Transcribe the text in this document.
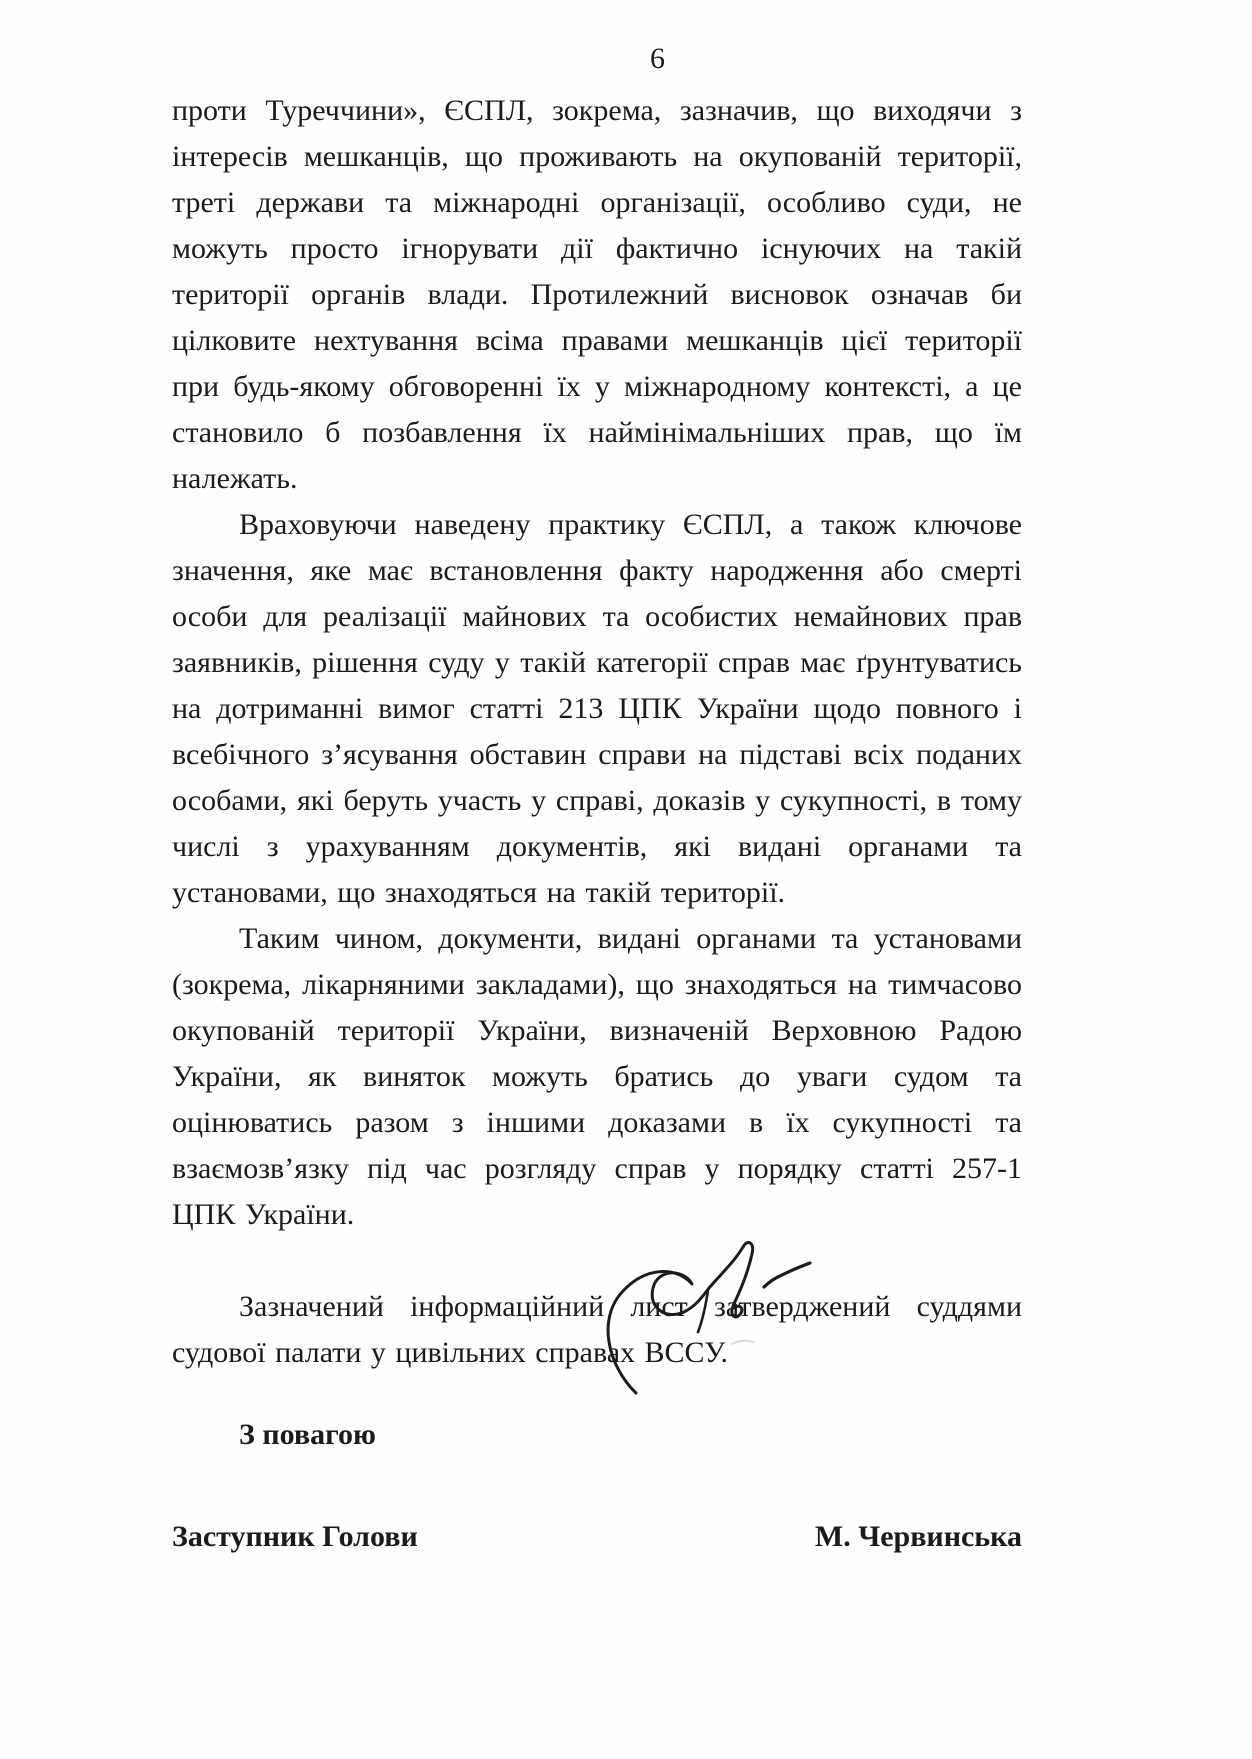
6

проти Туреччини», ЄСПЛ, зокрема, зазначив, що виходячи з інтересів мешканців, що проживають на окупованій території, треті держави та міжнародні організації, особливо суди, не можуть просто ігнорувати дії фактично існуючих на такій території органів влади. Протилежний висновок означав би цілковите нехтування всіма правами мешканців цієї території при будь-якому обговоренні їх у міжнародному контексті, а це становило б позбавлення їх наймінімальніших прав, що їм належать.

Враховуючи наведену практику ЄСПЛ, а також ключове значення, яке має встановлення факту народження або смерті особи для реалізації майнових та особистих немайнових прав заявників, рішення суду у такій категорії справ має ґрунтуватись на дотриманні вимог статті 213 ЦПК України щодо повного і всебічного з’ясування обставин справи на підставі всіх поданих особами, які беруть участь у справі, доказів у сукупності, в тому числі з урахуванням документів, які видані органами та установами, що знаходяться на такій території.

Таким чином, документи, видані органами та установами (зокрема, лікарняними закладами), що знаходяться на тимчасово окупованій території України, визначеній Верховною Радою України, як виняток можуть братись до уваги судом та оцінюватись разом з іншими доказами в їх сукупності та взаємозв’язку під час розгляду справ у порядку статті 257-1 ЦПК України.

Зазначений інформаційний лист затверджений суддями судової палати у цивільних справах ВССУ.

З повагою

Заступник Голови	М. Червинська
